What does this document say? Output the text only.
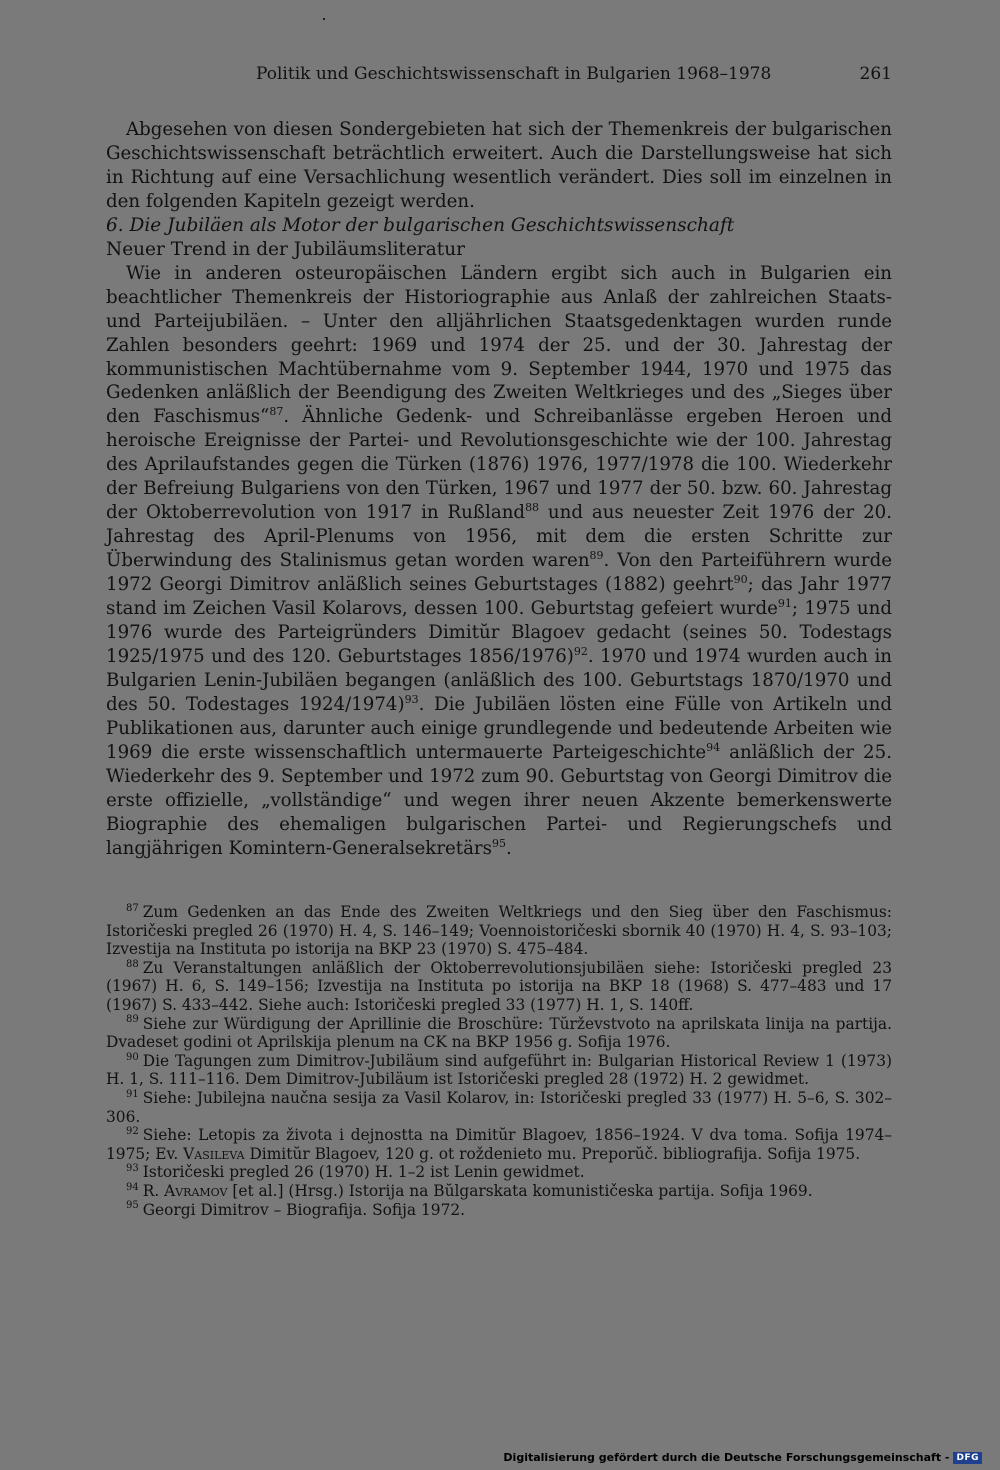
Politik und Geschichtswissenschaft in Bulgarien 1968–1978	261

Abgesehen von diesen Sondergebieten hat sich der Themenkreis der bulgarischen Geschichtswissenschaft beträchtlich erweitert. Auch die Darstellungsweise hat sich in Richtung auf eine Versachlichung wesentlich verändert. Dies soll im einzelnen in den folgenden Kapiteln gezeigt werden.

6. Die Jubiläen als Motor der bulgarischen Geschichtswissenschaft

Neuer Trend in der Jubiläumsliteratur

Wie in anderen osteuropäischen Ländern ergibt sich auch in Bulgarien ein beachtlicher Themenkreis der Historiographie aus Anlaß der zahlreichen Staats- und Parteijubiläen. – Unter den alljährlichen Staatsgedenktagen wurden runde Zahlen besonders geehrt: 1969 und 1974 der 25. und der 30. Jahrestag der kommunistischen Machtübernahme vom 9. September 1944, 1970 und 1975 das Gedenken anläßlich der Beendigung des Zweiten Weltkrieges und des „Sieges über den Faschismus“$^{87}$. Ähnliche Gedenk- und Schreibanlässe ergeben Heroen und heroische Ereignisse der Partei- und Revolutionsgeschichte wie der 100. Jahrestag des Aprilaufstandes gegen die Türken (1876) 1976, 1977/1978 die 100. Wiederkehr der Befreiung Bulgariens von den Türken, 1967 und 1977 der 50. bzw. 60. Jahrestag der Oktoberrevolution von 1917 in Rußland$^{88}$ und aus neuester Zeit 1976 der 20. Jahrestag des April-Plenums von 1956, mit dem die ersten Schritte zur Überwindung des Stalinismus getan worden waren$^{89}$. Von den Parteiführern wurde 1972 Georgi Dimitrov anläßlich seines Geburtstages (1882) geehrt$^{90}$; das Jahr 1977 stand im Zeichen Vasil Kolarovs, dessen 100. Geburtstag gefeiert wurde$^{91}$; 1975 und 1976 wurde des Parteigründers Dimitŭr Blagoev gedacht (seines 50. Todestags 1925/1975 und des 120. Geburtstages 1856/1976)$^{92}$. 1970 und 1974 wurden auch in Bulgarien Lenin-Jubiläen begangen (anläßlich des 100. Geburtstags 1870/1970 und des 50. Todestages 1924/1974)$^{93}$. Die Jubiläen lösten eine Fülle von Artikeln und Publikationen aus, darunter auch einige grundlegende und bedeutende Arbeiten wie 1969 die erste wissenschaftlich untermauerte Parteigeschichte$^{94}$ anläßlich der 25. Wiederkehr des 9. September und 1972 zum 90. Geburtstag von Georgi Dimitrov die erste offizielle, „vollständige“ und wegen ihrer neuen Akzente bemerkenswerte Biographie des ehemaligen bulgarischen Partei- und Regierungschefs und langjährigen Komintern-Generalsekretärs$^{95}$.

$^{87}$ Zum Gedenken an das Ende des Zweiten Weltkriegs und den Sieg über den Faschismus: Istoričeski pregled 26 (1970) H. 4, S. 146–149; Voennoistoričeski sbornik 40 (1970) H. 4, S. 93–103; Izvestija na Instituta po istorija na BKP 23 (1970) S. 475–484.

$^{88}$ Zu Veranstaltungen anläßlich der Oktoberrevolutionsjubiläen siehe: Istoričeski pregled 23 (1967) H. 6, S. 149–156; Izvestija na Instituta po istorija na BKP 18 (1968) S. 477–483 und 17 (1967) S. 433–442. Siehe auch: Istoričeski pregled 33 (1977) H. 1, S. 140ff.

$^{89}$ Siehe zur Würdigung der Aprillinie die Broschüre: Tŭrževstvoto na aprilskata linija na partija. Dvadeset godini ot Aprilskija plenum na CK na BKP 1956 g. Sofija 1976.

$^{90}$ Die Tagungen zum Dimitrov-Jubiläum sind aufgeführt in: Bulgarian Historical Review 1 (1973) H. 1, S. 111–116. Dem Dimitrov-Jubiläum ist Istoričeski pregled 28 (1972) H. 2 gewidmet.

$^{91}$ Siehe: Jubilejna naučna sesija za Vasil Kolarov, in: Istoričeski pregled 33 (1977) H. 5–6, S. 302–306.

$^{92}$ Siehe: Letopis za života i dejnostta na Dimitŭr Blagoev, 1856–1924. V dva toma. Sofija 1974–1975; Ev. Vasileva Dimitŭr Blagoev, 120 g. ot roždenieto mu. Preporŭč. bibliografija. Sofija 1975.

$^{93}$ Istoričeski pregled 26 (1970) H. 1–2 ist Lenin gewidmet.

$^{94}$ R. Avramov [et al.] (Hrsg.) Istorija na Bŭlgarskata komunističeska partija. Sofija 1969.

$^{95}$ Georgi Dimitrov – Biografija. Sofija 1972.

Digitalisierung gefördert durch die Deutsche Forschungsgemeinschaft - DFG
